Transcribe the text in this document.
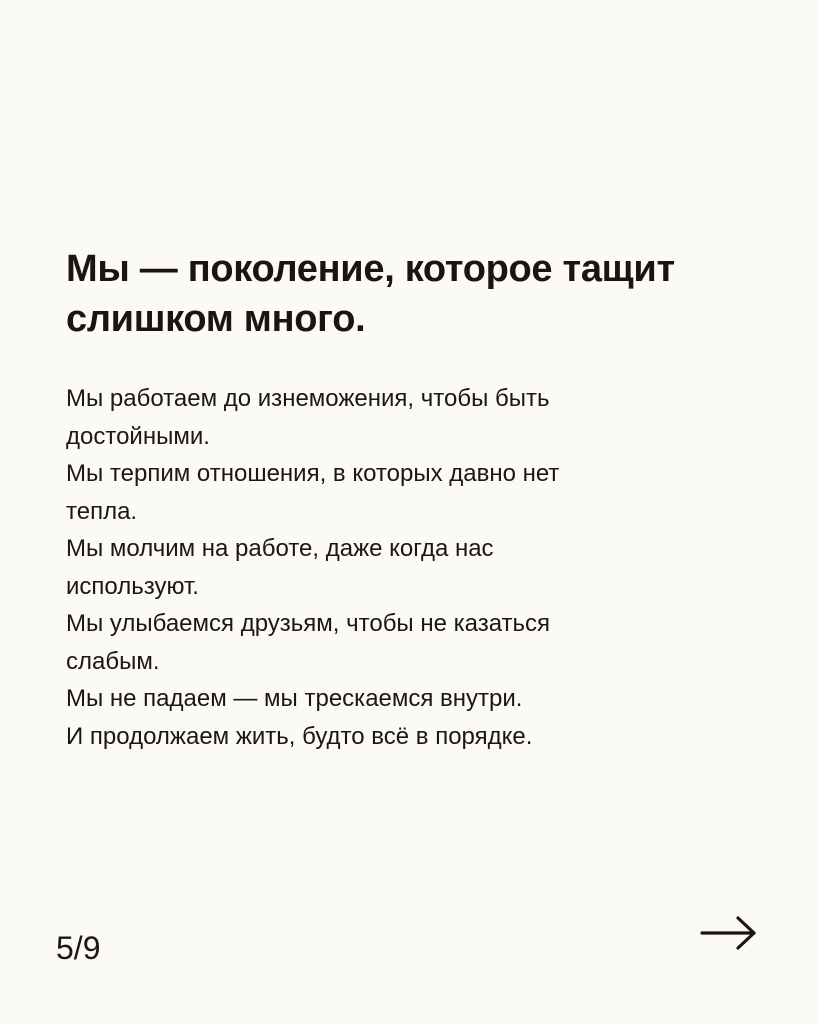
Мы — поколение, которое тащит
слишком много.
Мы работаем до изнеможения, чтобы быть
достойными.
Мы терпим отношения, в которых давно нет
тепла.
Мы молчим на работе, даже когда нас
используют.
Мы улыбаемся друзьям, чтобы не казаться
слабым.
Мы не падаем — мы трескаемся внутри.
И продолжаем жить, будто всё в порядке.
5/9
